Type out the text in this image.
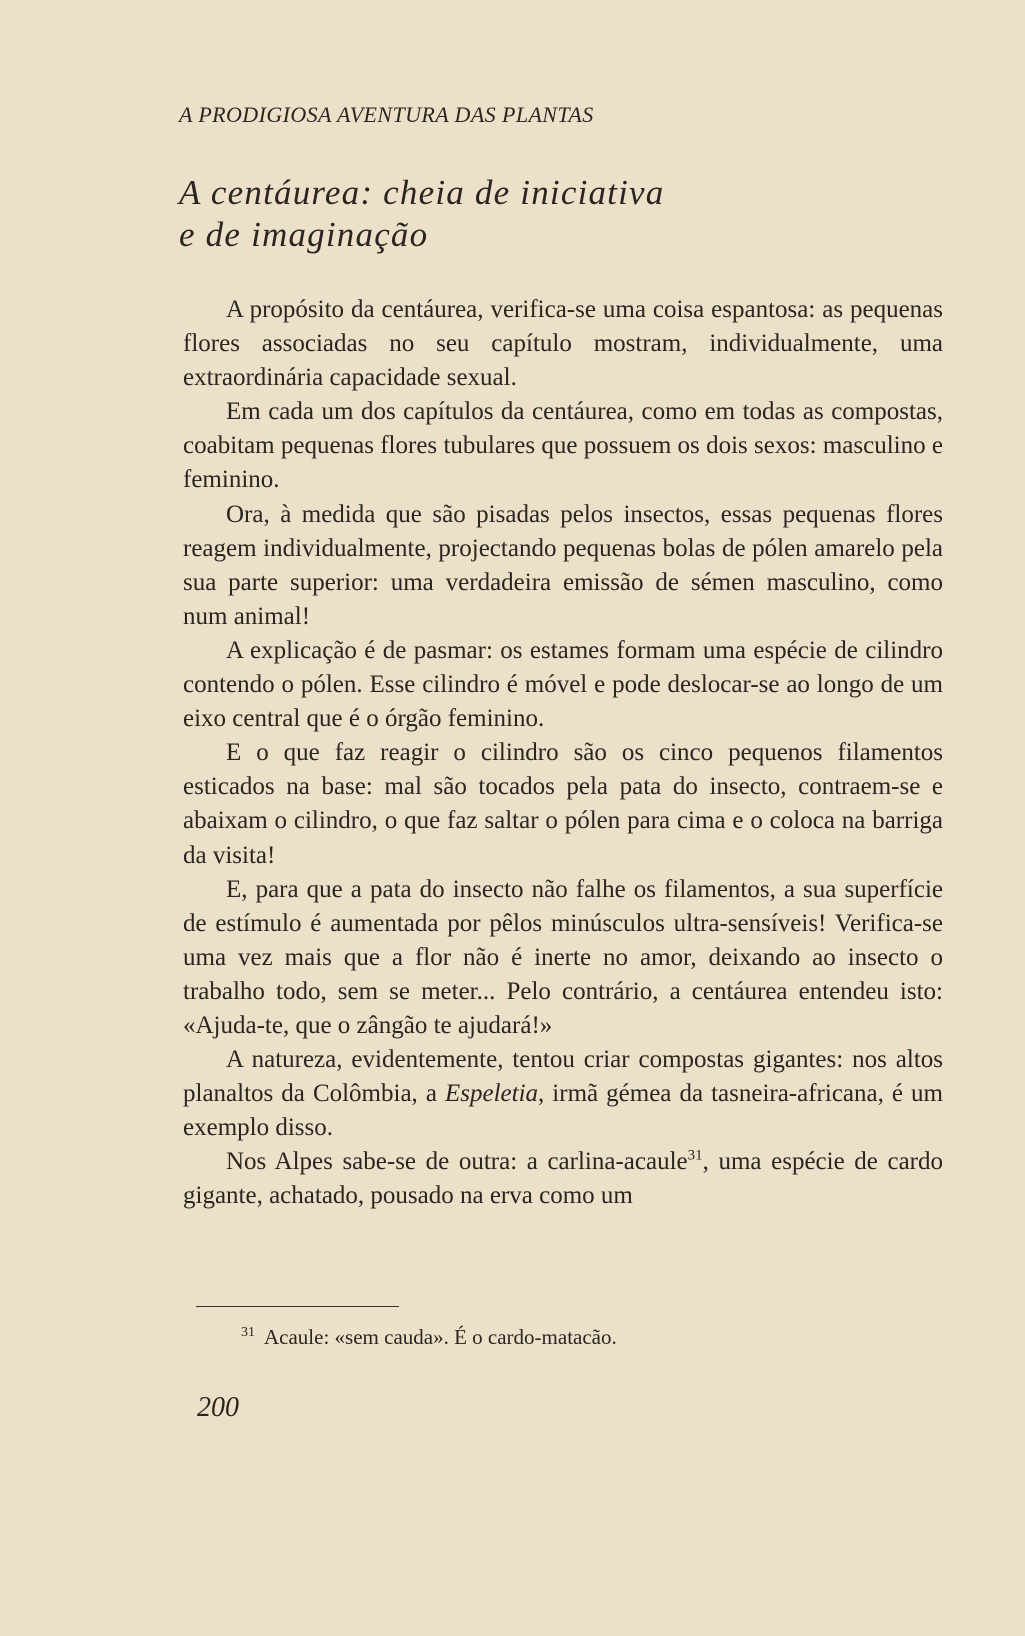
A PRODIGIOSA AVENTURA DAS PLANTAS
A centáurea: cheia de iniciativa
e de imaginação

A propósito da centáurea, verifica-se uma coisa espantosa: as pequenas flores associadas no seu capítulo mostram, individualmente, uma extraordinária capacidade sexual.

Em cada um dos capítulos da centáurea, como em todas as compostas, coabitam pequenas flores tubulares que possuem os dois sexos: masculino e feminino.

Ora, à medida que são pisadas pelos insectos, essas pequenas flores reagem individualmente, projectando pequenas bolas de pólen amarelo pela sua parte superior: uma verdadeira emissão de sémen masculino, como num animal!

A explicação é de pasmar: os estames formam uma espécie de cilindro contendo o pólen. Esse cilindro é móvel e pode deslocar-se ao longo de um eixo central que é o órgão feminino.

E o que faz reagir o cilindro são os cinco pequenos filamentos esticados na base: mal são tocados pela pata do insecto, contraem-se e abaixam o cilindro, o que faz saltar o pólen para cima e o coloca na barriga da visita!

E, para que a pata do insecto não falhe os filamentos, a sua superfície de estímulo é aumentada por pêlos minúsculos ultra-sensíveis! Verifica-se uma vez mais que a flor não é inerte no amor, deixando ao insecto o trabalho todo, sem se meter... Pelo contrário, a centáurea entendeu isto: «Ajuda-te, que o zângão te ajudará!»

A natureza, evidentemente, tentou criar compostas gigantes: nos altos planaltos da Colômbia, a Espeletia, irmã gémea da tasneira-africana, é um exemplo disso.

Nos Alpes sabe-se de outra: a carlina-acaule$^{31}$, uma espécie de cardo gigante, achatado, pousado na erva como um

$^{31}$ Acaule: «sem cauda». É o cardo-matacão.

200
